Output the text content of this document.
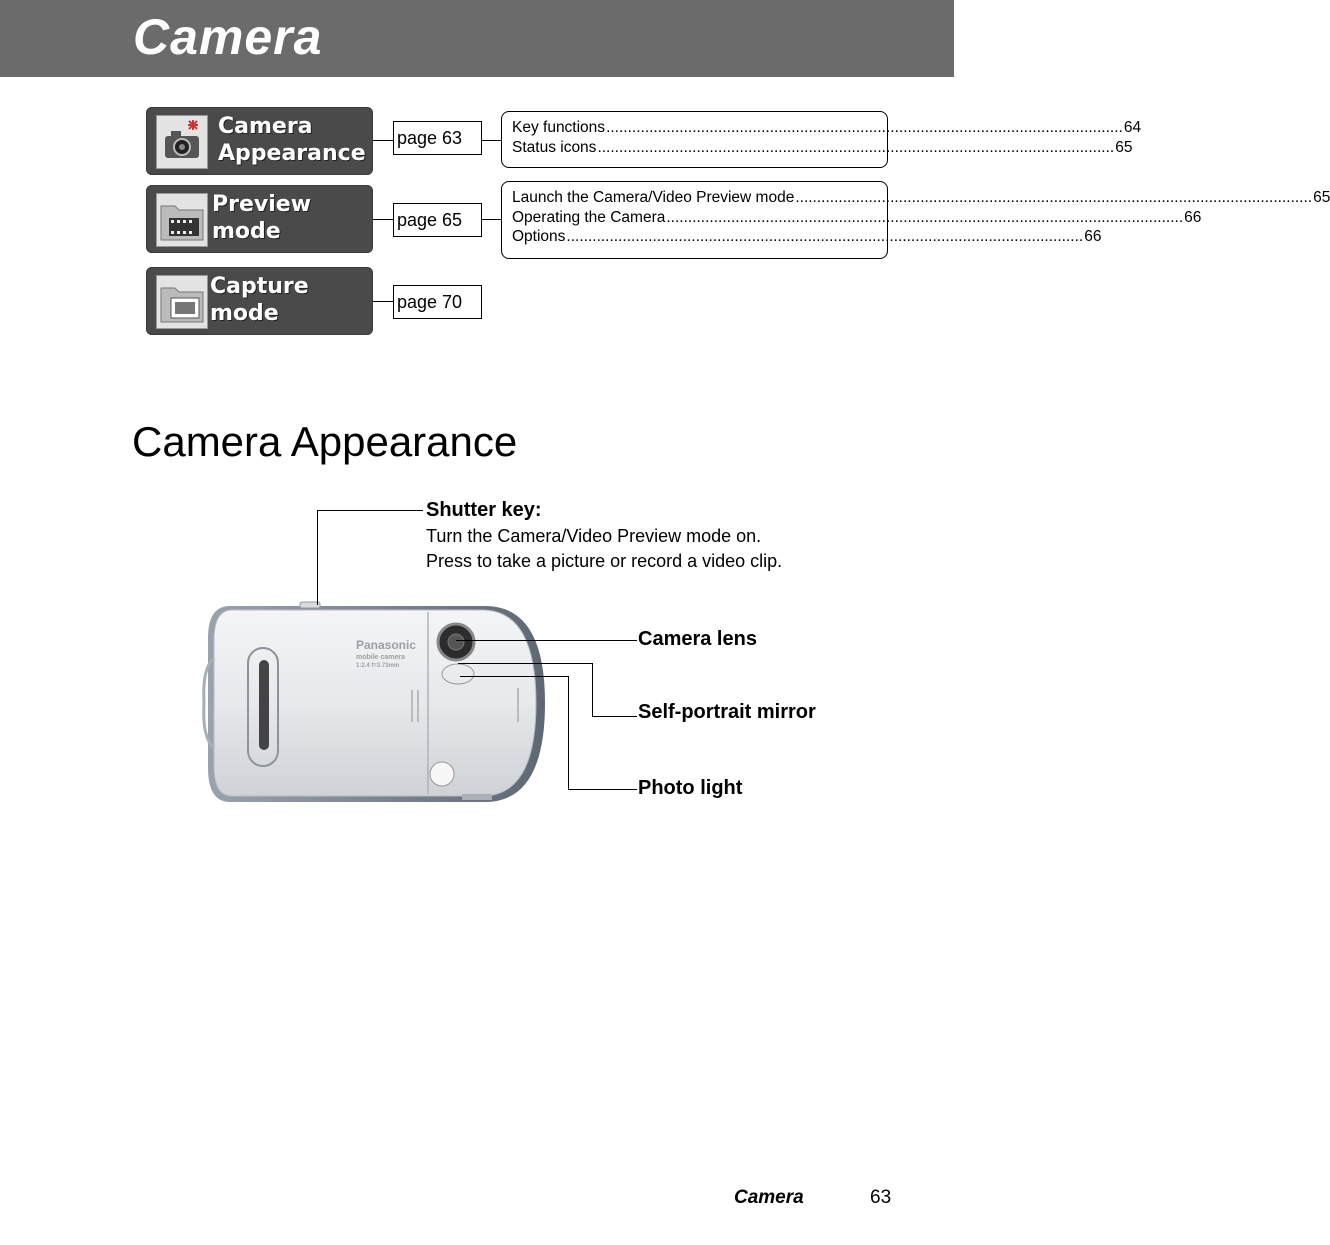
Camera
Camera
Appearance
Preview
mode
Capture
mode
page 63
page 65
page 70
Key functions ........................................................................................................................ 64
Status icons ........................................................................................................................ 65
Launch the Camera/Video Preview mode ........................................................................................................................ 65
Operating the Camera ........................................................................................................................ 66
Options ........................................................................................................................ 66
Camera Appearance
Panasonic
mobile camera
1:2.4 f=3.73mm
Shutter key:
Turn the Camera/Video Preview mode on.
Press to take a picture or record a video clip.
Camera lens
Self-portrait mirror
Photo light
Camera	63
